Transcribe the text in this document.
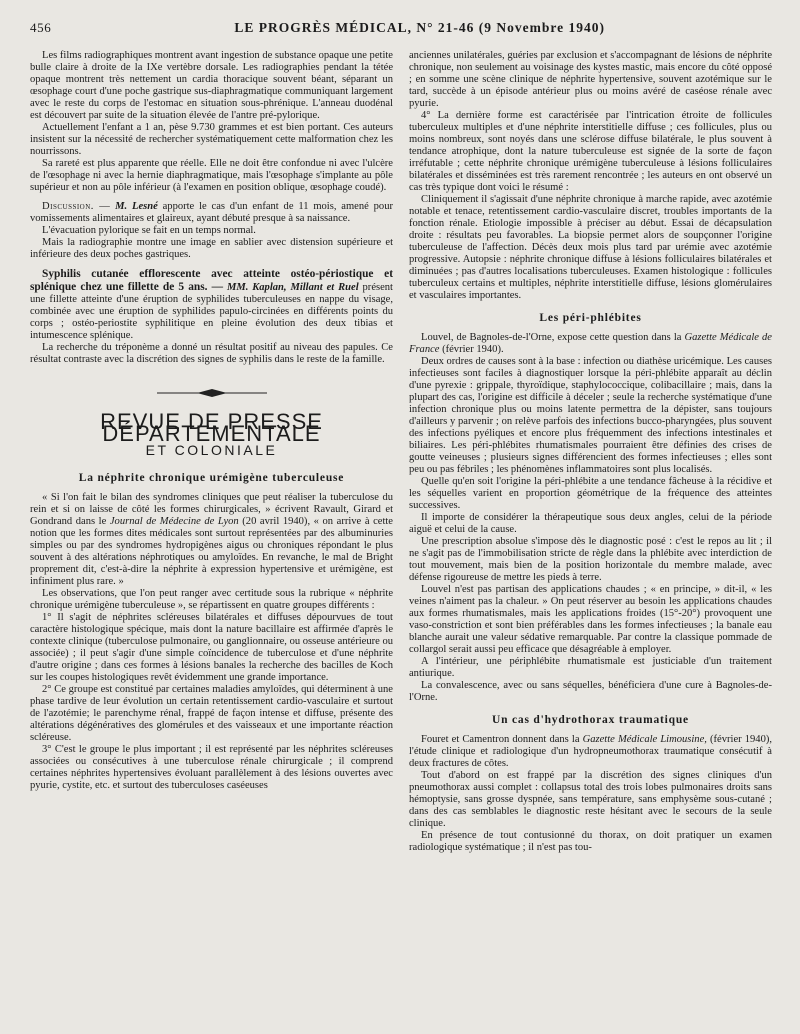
456	LE PROGRÈS MÉDICAL, N° 21-46 (9 Novembre 1940)

Les films radiographiques montrent avant ingestion de substance opaque une petite bulle claire à droite de la IXe vertèbre dorsale. Les radiographies pendant la tétée opaque montrent très nettement un cardia thoracique souvent béant, séparant un œsophage court d'une poche gastrique sus-diaphragmatique communiquant largement avec le reste du corps de l'estomac en situation sous-phrénique. L'anneau duodénal est découvert par suite de la situation élevée de l'antre pré-pylorique.

Actuellement l'enfant a 1 an, pèse 9.730 grammes et est bien portant. Ces auteurs insistent sur la nécessité de rechercher systématiquement cette malformation chez les nourrissons.

Sa rareté est plus apparente que réelle. Elle ne doit être confondue ni avec l'ulcère de l'œsophage ni avec la hernie diaphragmatique, mais l'œsophage s'implante au pôle supérieur et non au pôle inférieur (à l'examen en position oblique, œsophage coudé).

Discussion. — M. Lesné apporte le cas d'un enfant de 11 mois, amené pour vomissements alimentaires et glaireux, ayant débuté presque à sa naissance.

L'évacuation pylorique se fait en un temps normal.

Mais la radiographie montre une image en sablier avec distension supérieure et inférieure des deux poches gastriques.

Syphilis cutanée efflorescente avec atteinte ostéo-périostique et splénique chez une fillette de 5 ans. — MM. Kaplan, Millant et Ruel présent une fillette atteinte d'une éruption de syphilides tuberculeuses en nappe du visage, combinée avec une éruption de syphilides papulo-circinées en différents points du corps ; ostéo-periostite syphilitique en pleine évolution des deux tibias et intumescence splénique.

La recherche du tréponème a donné un résultat positif au niveau des papules. Ce résultat contraste avec la discrétion des signes de syphilis dans le reste de la famille.

REVUE DE PRESSE DÉPARTEMENTALE
ET COLONIALE
La néphrite chronique urémigène tuberculeuse

« Si l'on fait le bilan des syndromes cliniques que peut réaliser la tuberculose du rein et si on laisse de côté les formes chirurgicales, » écrivent Ravault, Girard et Gondrand dans le Journal de Médecine de Lyon (20 avril 1940), « on arrive à cette notion que les formes dites médicales sont surtout représentées par des albuminuries simples ou par des syndromes hydropigènes aigus ou chroniques répondant le plus souvent à des altérations néphrotiques ou amyloïdes. En revanche, le mal de Bright proprement dit, c'est-à-dire la néphrite à expression hypertensive et urémigène, est infiniment plus rare. »

Les observations, que l'on peut ranger avec certitude sous la rubrique « néphrite chronique urémigène tuberculeuse », se répartissent en quatre groupes différents :

1° Il s'agit de néphrites scléreuses bilatérales et diffuses dépourvues de tout caractère histologique spécique, mais dont la nature bacillaire est affirmée d'après le contexte clinique (tuberculose pulmonaire, ou ganglionnaire, ou osseuse antérieure ou associée) ; il peut s'agir d'une simple coïncidence de tuberculose et d'une néphrite d'autre origine ; dans ces formes à lésions banales la recherche des bacilles de Koch sur les coupes histologiques revêt évidemment une grande importance.

2° Ce groupe est constitué par certaines maladies amyloïdes, qui déterminent à une phase tardive de leur évolution un certain retentissement cardio-vasculaire et surtout de l'azotémie; le parenchyme rénal, frappé de façon intense et diffuse, présente des altérations dégénératives des glomérules et des vaisseaux et une importante réaction scléreuse.

3° C'est le groupe le plus important ; il est représenté par les néphrites scléreuses associées ou consécutives à une tuberculose rénale chirurgicale ; il comprend certaines néphrites hypertensives évoluant parallèlement à des lésions ouvertes avec pyurie, cystite, etc. et surtout des tuberculoses caséeuses

anciennes unilatérales, guéries par exclusion et s'accompagnant de lésions de néphrite chronique, non seulement au voisinage des kystes mastic, mais encore du côté opposé ; en somme une scène clinique de néphrite hypertensive, souvent azotémique sur le tard, succède à un épisode antérieur plus ou moins avéré de caséose rénale avec pyurie.

4° La dernière forme est caractérisée par l'intrication étroite de follicules tuberculeux multiples et d'une néphrite interstitielle diffuse ; ces follicules, plus ou moins nombreux, sont noyés dans une sclérose diffuse bilatérale, le plus souvent à tendance atrophique, dont la nature tuberculeuse est signée de la sorte de façon irréfutable ; cette néphrite chronique urémigène tuberculeuse à lésions folliculaires bilatérales et disséminées est très rarement rencontrée ; les auteurs en ont observé un cas très typique dont voici le résumé :

Cliniquement il s'agissait d'une néphrite chronique à marche rapide, avec azotémie notable et tenace, retentissement cardio-vasculaire discret, troubles importants de la fonction rénale. Etiologie impossible à préciser au début. Essai de décapsulation droite : résultats peu favorables. La biopsie permet alors de soupçonner l'origine tuberculeuse de l'affection. Décès deux mois plus tard par urémie avec azotémie progressive. Autopsie : néphrite chronique diffuse à lésions folliculaires bilatérales et diminuées ; pas d'autres localisations tuberculeuses. Examen histologique : follicules tuberculeux certains et multiples, néphrite interstitielle diffuse, lésions glomérulaires et vasculaires importantes.

Les péri-phlébites

Louvel, de Bagnoles-de-l'Orne, expose cette question dans la Gazette Médicale de France (février 1940).

Deux ordres de causes sont à la base : infection ou diathèse uricémique. Les causes infectieuses sont faciles à diagnostiquer lorsque la péri-phlébite apparaît au déclin d'une pyrexie : grippale, thyroïdique, staphylococcique, colibacillaire ; mais, dans la plupart des cas, l'origine est difficile à déceler ; seule la recherche systématique d'une infection chronique plus ou moins latente permettra de la dépister, sans toujours d'ailleurs y parvenir ; on relève parfois des infections bucco-pharyngées, plus souvent des infections pyéliques et encore plus fréquemment des infections intestinales et biliaires. Les péri-phlébites rhumatismales pourraient être définies des crises de goutte veineuses ; plusieurs signes différencient des formes infectieuses ; elles sont peu ou pas fébriles ; les phénomènes inflammatoires sont plus localisés.

Quelle qu'en soit l'origine la péri-phlébite a une tendance fâcheuse à la récidive et les séquelles varient en proportion géométrique de la fréquence des atteintes successives.

Il importe de considérer la thérapeutique sous deux angles, celui de la période aiguë et celui de la cause.

Une prescription absolue s'impose dès le diagnostic posé : c'est le repos au lit ; il ne s'agit pas de l'immobilisation stricte de règle dans la phlébite avec interdiction de tout mouvement, mais bien de la position horizontale du membre malade, avec défense rigoureuse de mettre les pieds à terre.

Louvel n'est pas partisan des applications chaudes ; « en principe, » dit-il, « les veines n'aiment pas la chaleur. » On peut réserver au besoin les applications chaudes aux formes rhumatismales, mais les applications froides (15°-20°) provoquent une vaso-constriction et sont bien préférables dans les formes infectieuses ; la banale eau blanche aurait une valeur sédative remarquable. Par contre la classique pommade de collargol serait aussi peu efficace que désagréable à employer.

A l'intérieur, une périphlébite rhumatismale est justiciable d'un traitement antiurique.

La convalescence, avec ou sans séquelles, bénéficiera d'une cure à Bagnoles-de-l'Orne.

Un cas d'hydrothorax traumatique

Fouret et Camentron donnent dans la Gazette Médicale Limousine, (février 1940), l'étude clinique et radiologique d'un hydropneumothorax traumatique consécutif à deux fractures de côtes.

Tout d'abord on est frappé par la discrétion des signes cliniques d'un pneumothorax aussi complet : collapsus total des trois lobes pulmonaires droits sans hémoptysie, sans grosse dyspnée, sans température, sans emphysème sous-cutané ; dans des cas semblables le diagnostic reste hésitant avec le secours de la seule clinique.

En présence de tout contusionné du thorax, on doit pratiquer un examen radiologique systématique ; il n'est pas tou-
